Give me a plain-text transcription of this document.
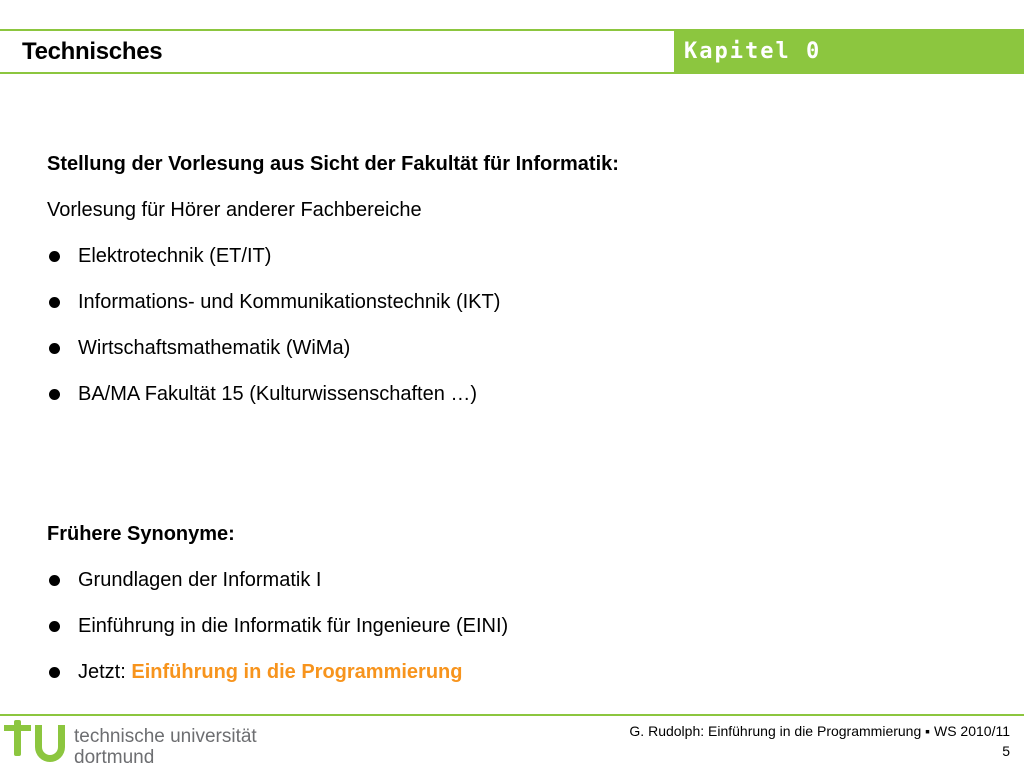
Technisches	Kapitel 0
Stellung der Vorlesung aus Sicht der Fakultät für Informatik:
Vorlesung für Hörer anderer Fachbereiche
Elektrotechnik (ET/IT)
Informations- und Kommunikationstechnik (IKT)
Wirtschaftsmathematik (WiMa)
BA/MA Fakultät 15 (Kulturwissenschaften …)
Frühere Synonyme:
Grundlagen der Informatik I
Einführung in die Informatik für Ingenieure (EINI)
Jetzt: Einführung in die Programmierung
technische universität
dortmund
G. Rudolph: Einführung in die Programmierung ▪ WS 2010/11
5
